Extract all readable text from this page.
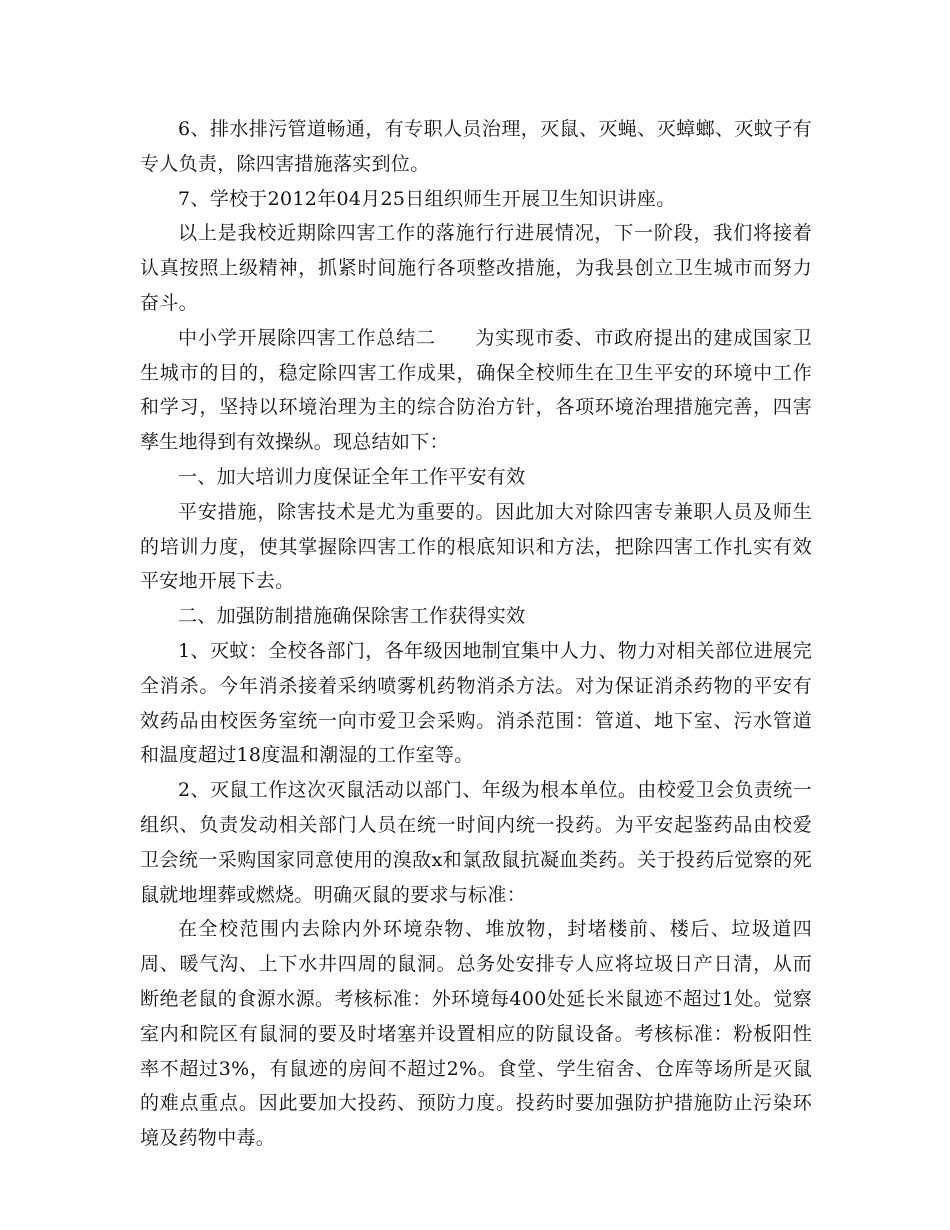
6、排水排污管道畅通，有专职人员治理，灭鼠、灭蝇、灭蟑螂、灭蚊子有专人负责，除四害措施落实到位。

7、学校于2012年04月25日组织师生开展卫生知识讲座。

以上是我校近期除四害工作的落施行行进展情况，下一阶段，我们将接着认真按照上级精神，抓紧时间施行各项整改措施，为我县创立卫生城市而努力奋斗。

中小学开展除四害工作总结二　　为实现市委、市政府提出的建成国家卫生城市的目的，稳定除四害工作成果，确保全校师生在卫生平安的环境中工作和学习，坚持以环境治理为主的综合防治方针，各项环境治理措施完善，四害孳生地得到有效操纵。现总结如下：

一、加大培训力度保证全年工作平安有效

平安措施，除害技术是尤为重要的。因此加大对除四害专兼职人员及师生的培训力度，使其掌握除四害工作的根底知识和方法，把除四害工作扎实有效平安地开展下去。

二、加强防制措施确保除害工作获得实效

1、灭蚊：全校各部门，各年级因地制宜集中人力、物力对相关部位进展完全消杀。今年消杀接着采纳喷雾机药物消杀方法。对为保证消杀药物的平安有效药品由校医务室统一向市爱卫会采购。消杀范围：管道、地下室、污水管道和温度超过18度温和潮湿的工作室等。

2、灭鼠工作这次灭鼠活动以部门、年级为根本单位。由校爱卫会负责统一组织、负责发动相关部门人员在统一时间内统一投药。为平安起鉴药品由校爱卫会统一采购国家同意使用的溴敌x和氯敌鼠抗凝血类药。关于投药后觉察的死鼠就地埋葬或燃烧。明确灭鼠的要求与标准：

在全校范围内去除内外环境杂物、堆放物，封堵楼前、楼后、垃圾道四周、暖气沟、上下水井四周的鼠洞。总务处安排专人应将垃圾日产日清，从而断绝老鼠的食源水源。考核标准：外环境每400处延长米鼠迹不超过1处。觉察室内和院区有鼠洞的要及时堵塞并设置相应的防鼠设备。考核标准：粉板阳性率不超过3%，有鼠迹的房间不超过2%。食堂、学生宿舍、仓库等场所是灭鼠的难点重点。因此要加大投药、预防力度。投药时要加强防护措施防止污染环境及药物中毒。
